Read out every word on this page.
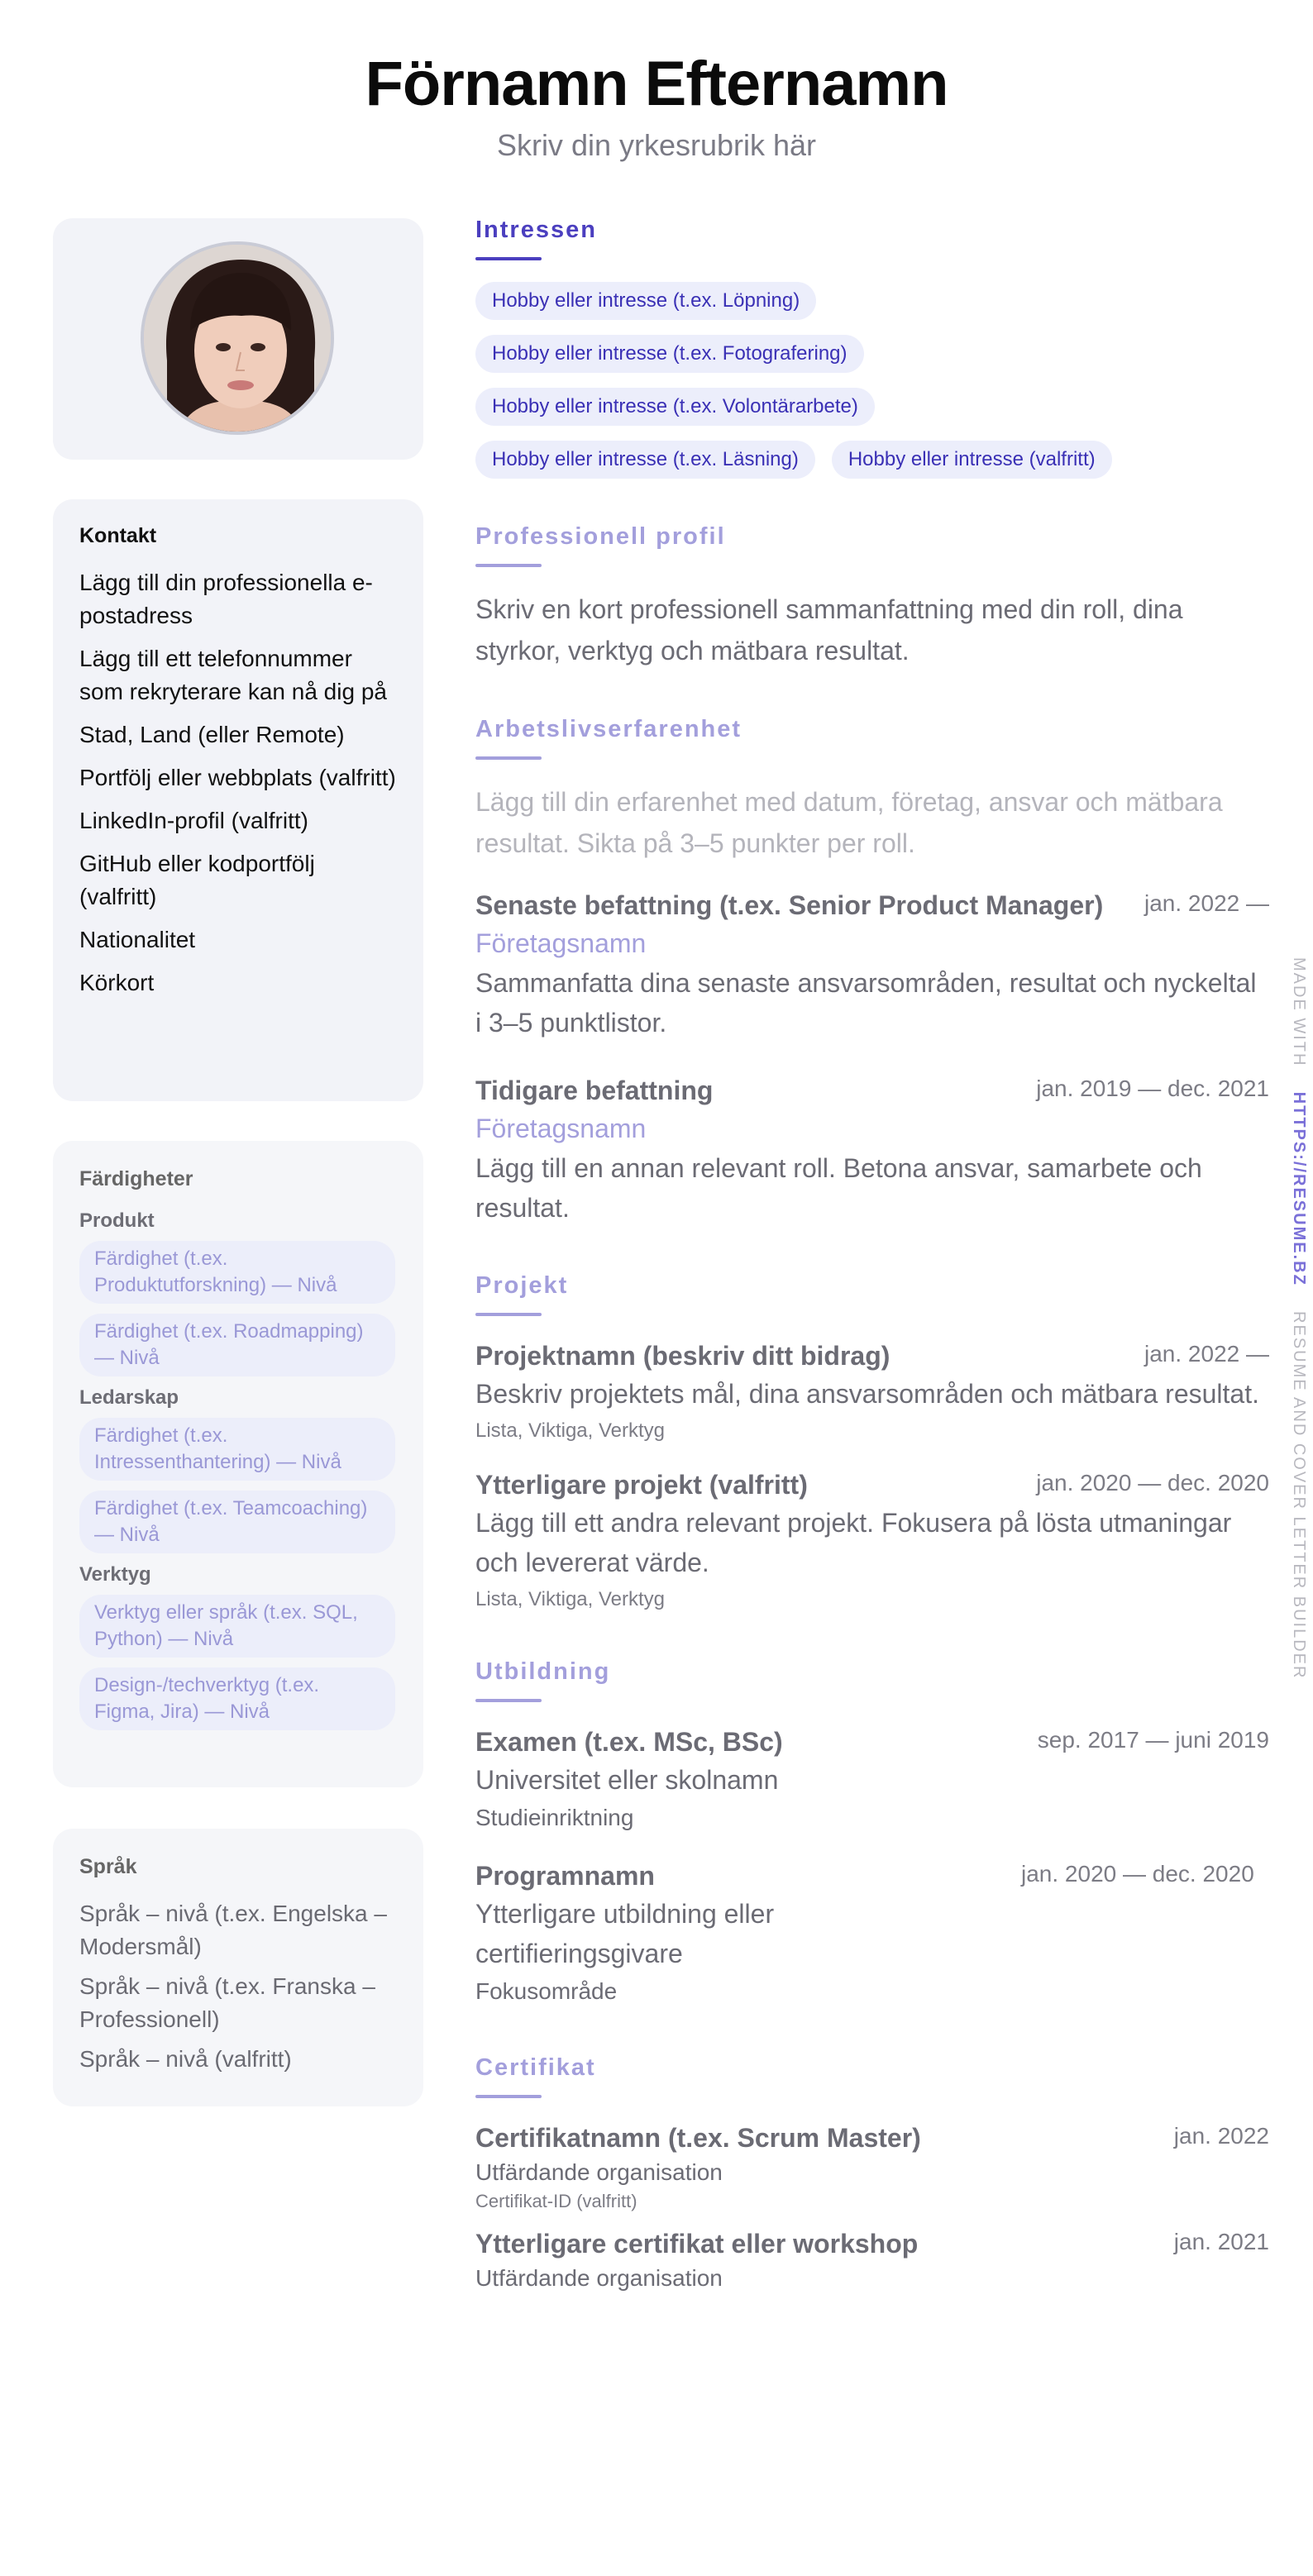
Förnamn Efternamn
Skriv din yrkesrubrik här
Kontakt
Lägg till din professionella e-postadress
Lägg till ett telefonnummer som rekryterare kan nå dig på
Stad, Land (eller Remote)
Portfölj eller webbplats (valfritt)
LinkedIn-profil (valfritt)
GitHub eller kodportfölj (valfritt)
Nationalitet
Körkort
Färdigheter
Produkt
Färdighet (t.ex. Produktutforskning) — Nivå
Färdighet (t.ex. Roadmapping) — Nivå
Ledarskap
Färdighet (t.ex. Intressenthantering) — Nivå
Färdighet (t.ex. Teamcoaching) — Nivå
Verktyg
Verktyg eller språk (t.ex. SQL, Python) — Nivå
Design-/techverktyg (t.ex. Figma, Jira) — Nivå
Språk
Språk – nivå (t.ex. Engelska – Modersmål)
Språk – nivå (t.ex. Franska – Professionell)
Språk – nivå (valfritt)
Intressen
Hobby eller intresse (t.ex. Löpning)
Hobby eller intresse (t.ex. Fotografering)
Hobby eller intresse (t.ex. Volontärarbete)
Hobby eller intresse (t.ex. Läsning)	Hobby eller intresse (valfritt)
Professionell profil
Skriv en kort professionell sammanfattning med din roll, dina styrkor, verktyg och mätbara resultat.
Arbetslivserfarenhet
Lägg till din erfarenhet med datum, företag, ansvar och mätbara resultat. Sikta på 3–5 punkter per roll.
Senaste befattning (t.ex. Senior Product Manager) jan. 2022 —
Företagsnamn
Sammanfatta dina senaste ansvarsområden, resultat och nyckeltal i 3–5 punktlistor.
Tidigare befattning	jan. 2019 — dec. 2021
Företagsnamn
Lägg till en annan relevant roll. Betona ansvar, samarbete och resultat.
Projekt
Projektnamn (beskriv ditt bidrag)	jan. 2022 —
Beskriv projektets mål, dina ansvarsområden och mätbara resultat.
Lista, Viktiga, Verktyg
Ytterligare projekt (valfritt)	jan. 2020 — dec. 2020
Lägg till ett andra relevant projekt. Fokusera på lösta utmaningar och levererat värde.
Lista, Viktiga, Verktyg
Utbildning
Examen (t.ex. MSc, BSc)	sep. 2017 — juni 2019
Universitet eller skolnamn
Studieinriktning
Programnamn	jan. 2020 — dec. 2020
Ytterligare utbildning eller certifieringsgivare
Fokusområde
Certifikat
Certifikatnamn (t.ex. Scrum Master)	jan. 2022
Utfärdande organisation
Certifikat-ID (valfritt)
Ytterligare certifikat eller workshop	jan. 2021
Utfärdande organisation
MADE WITH    HTTPS://RESUME.BZ    RESUME AND COVER LETTER BUILDER
